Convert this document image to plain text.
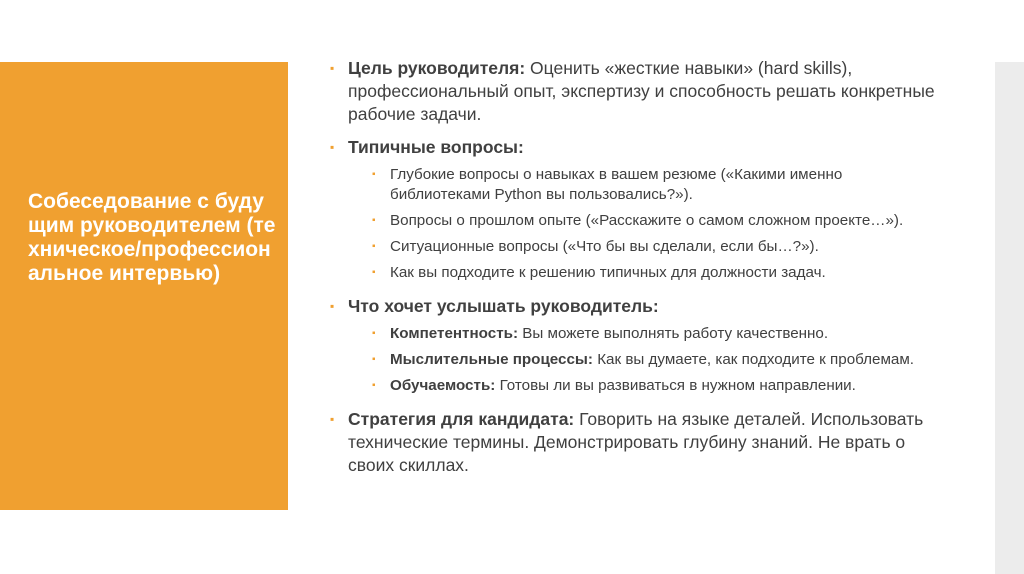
Собеседование с будущим руководителем (техническое/профессиональное интервью)
▪ Цель руководителя: Оценить «жесткие навыки» (hard skills), профессиональный опыт, экспертизу и способность решать конкретные рабочие задачи.
▪ Типичные вопросы:
▪ Глубокие вопросы о навыках в вашем резюме («Какими именно библиотеками Python вы пользовались?»).
▪ Вопросы о прошлом опыте («Расскажите о самом сложном проекте…»).
▪ Ситуационные вопросы («Что бы вы сделали, если бы…?»).
▪ Как вы подходите к решению типичных для должности задач.
▪ Что хочет услышать руководитель:
▪ Компетентность: Вы можете выполнять работу качественно.
▪ Мыслительные процессы: Как вы думаете, как подходите к проблемам.
▪ Обучаемость: Готовы ли вы развиваться в нужном направлении.
▪ Стратегия для кандидата: Говорить на языке деталей. Использовать технические термины. Демонстрировать глубину знаний. Не врать о своих скиллах.
